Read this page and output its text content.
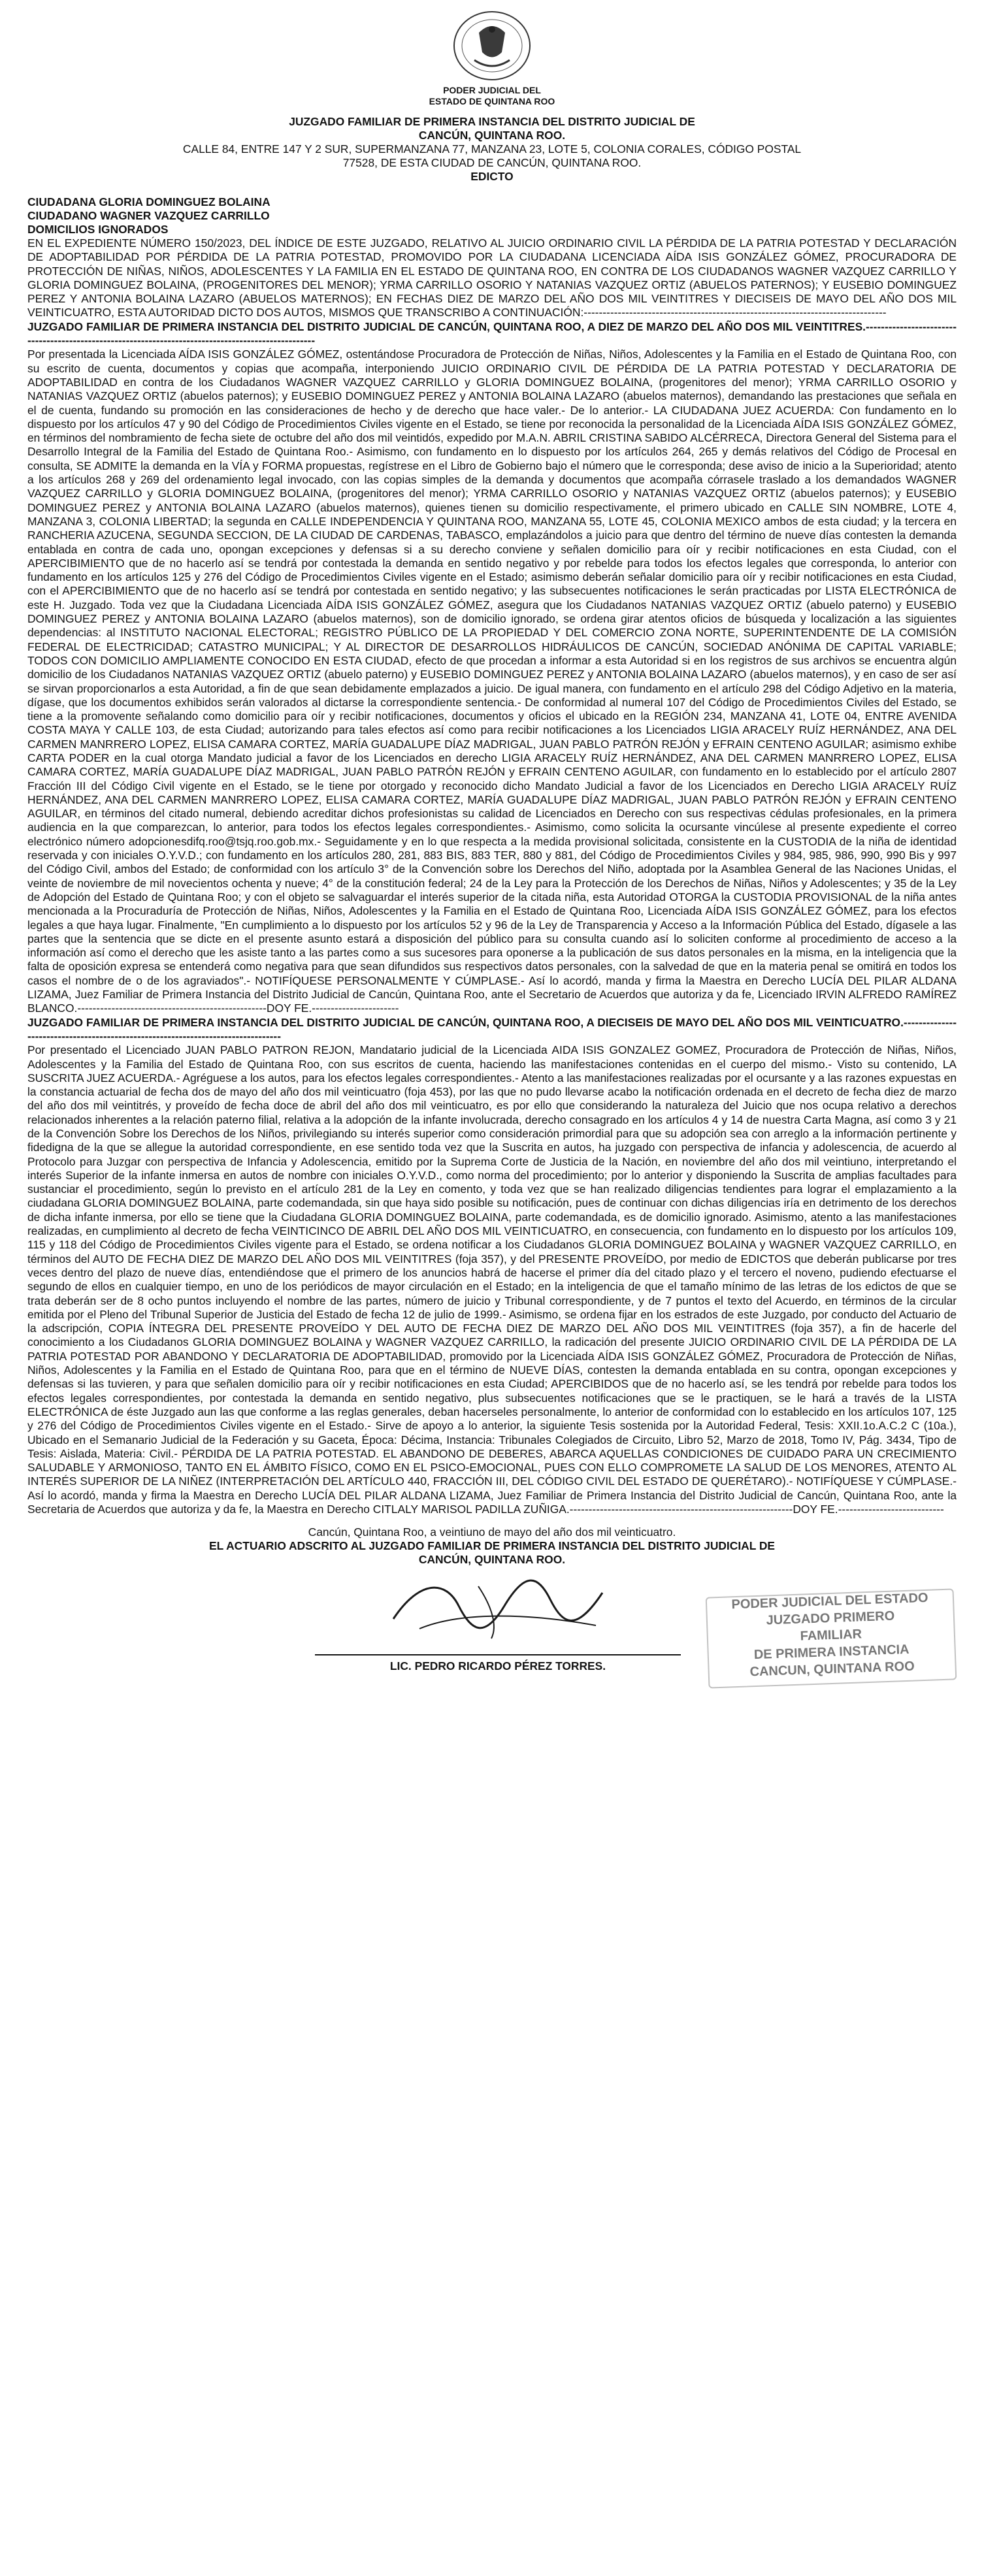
PODER JUDICIAL DEL
ESTADO DE QUINTANA ROO
JUZGADO FAMILIAR DE PRIMERA INSTANCIA DEL DISTRITO JUDICIAL DE
CANCÚN, QUINTANA ROO.
CALLE 84, ENTRE 147 Y 2 SUR, SUPERMANZANA 77, MANZANA 23, LOTE 5, COLONIA CORALES, CÓDIGO POSTAL
77528, DE ESTA CIUDAD DE CANCÚN, QUINTANA ROO.
EDICTO
CIUDADANA GLORIA DOMINGUEZ BOLAINA
CIUDADANO WAGNER VAZQUEZ CARRILLO
DOMICILIOS IGNORADOS

EN EL EXPEDIENTE NÚMERO 150/2023, DEL ÍNDICE DE ESTE JUZGADO, RELATIVO AL JUICIO ORDINARIO CIVIL LA PÉRDIDA DE LA PATRIA POTESTAD Y DECLARACIÓN DE ADOPTABILIDAD POR PÉRDIDA DE LA PATRIA POTESTAD, PROMOVIDO POR LA CIUDADANA LICENCIADA AÍDA ISIS GONZÁLEZ GÓMEZ, PROCURADORA DE PROTECCIÓN DE NIÑAS, NIÑOS, ADOLESCENTES Y LA FAMILIA EN EL ESTADO DE QUINTANA ROO, EN CONTRA DE LOS CIUDADANOS WAGNER VAZQUEZ CARRILLO Y GLORIA DOMINGUEZ BOLAINA, (PROGENITORES DEL MENOR); YRMA CARRILLO OSORIO Y NATANIAS VAZQUEZ ORTIZ (ABUELOS PATERNOS); Y EUSEBIO DOMINGUEZ PEREZ Y ANTONIA BOLAINA LAZARO (ABUELOS MATERNOS); EN FECHAS DIEZ DE MARZO DEL AÑO DOS MIL VEINTITRES Y DIECISEIS DE MAYO DEL AÑO DOS MIL VEINTICUATRO, ESTA AUTORIDAD DICTO DOS AUTOS, MISMOS QUE TRANSCRIBO A CONTINUACIÓN:--------------------------------------------------------------------------------

JUZGADO FAMILIAR DE PRIMERA INSTANCIA DEL DISTRITO JUDICIAL DE CANCÚN, QUINTANA ROO, A DIEZ DE MARZO DEL AÑO DOS MIL VEINTITRES.----------------------------------------------------------------------------------------------------

Por presentada la Licenciada AÍDA ISIS GONZÁLEZ GÓMEZ, ostentándose Procuradora de Protección de Niñas, Niños, Adolescentes y la Familia en el Estado de Quintana Roo, con su escrito de cuenta, documentos y copias que acompaña, interponiendo JUICIO ORDINARIO CIVIL DE PÉRDIDA DE LA PATRIA POTESTAD Y DECLARATORIA DE ADOPTABILIDAD en contra de los Ciudadanos WAGNER VAZQUEZ CARRILLO y GLORIA DOMINGUEZ BOLAINA, (progenitores del menor); YRMA CARRILLO OSORIO y NATANIAS VAZQUEZ ORTIZ (abuelos paternos); y EUSEBIO DOMINGUEZ PEREZ y ANTONIA BOLAINA LAZARO (abuelos maternos), demandando las prestaciones que señala en el de cuenta, fundando su promoción en las consideraciones de hecho y de derecho que hace valer.- De lo anterior.- LA CIUDADANA JUEZ ACUERDA: Con fundamento en lo dispuesto por los artículos 47 y 90 del Código de Procedimientos Civiles vigente en el Estado, se tiene por reconocida la personalidad de la Licenciada AÍDA ISIS GONZÁLEZ GÓMEZ, en términos del nombramiento de fecha siete de octubre del año dos mil veintidós, expedido por M.A.N. ABRIL CRISTINA SABIDO ALCÉRRECA, Directora General del Sistema para el Desarrollo Integral de la Familia del Estado de Quintana Roo.- Asimismo, con fundamento en lo dispuesto por los artículos 264, 265 y demás relativos del Código de Procesal en consulta, SE ADMITE la demanda en la VÍA y FORMA propuestas, regístrese en el Libro de Gobierno bajo el número que le corresponda; dese aviso de inicio a la Superioridad; atento a los artículos 268 y 269 del ordenamiento legal invocado, con las copias simples de la demanda y documentos que acompaña córrasele traslado a los demandados WAGNER VAZQUEZ CARRILLO y GLORIA DOMINGUEZ BOLAINA, (progenitores del menor); YRMA CARRILLO OSORIO y NATANIAS VAZQUEZ ORTIZ (abuelos paternos); y EUSEBIO DOMINGUEZ PEREZ y ANTONIA BOLAINA LAZARO (abuelos maternos), quienes tienen su domicilio respectivamente, el primero ubicado en CALLE SIN NOMBRE, LOTE 4, MANZANA 3, COLONIA LIBERTAD; la segunda en CALLE INDEPENDENCIA Y QUINTANA ROO, MANZANA 55, LOTE 45, COLONIA MEXICO ambos de esta ciudad; y la tercera en RANCHERIA AZUCENA, SEGUNDA SECCION, DE LA CIUDAD DE CARDENAS, TABASCO, emplazándolos a juicio para que dentro del término de nueve días contesten la demanda entablada en contra de cada uno, opongan excepciones y defensas si a su derecho conviene y señalen domicilio para oír y recibir notificaciones en esta Ciudad, con el APERCIBIMIENTO que de no hacerlo así se tendrá por contestada la demanda en sentido negativo y por rebelde para todos los efectos legales que corresponda, lo anterior con fundamento en los artículos 125 y 276 del Código de Procedimientos Civiles vigente en el Estado; asimismo deberán señalar domicilio para oír y recibir notificaciones en esta Ciudad, con el APERCIBIMIENTO que de no hacerlo así se tendrá por contestada en sentido negativo; y las subsecuentes notificaciones le serán practicadas por LISTA ELECTRÓNICA de este H. Juzgado. Toda vez que la Ciudadana Licenciada AÍDA ISIS GONZÁLEZ GÓMEZ, asegura que los Ciudadanos NATANIAS VAZQUEZ ORTIZ (abuelo paterno) y EUSEBIO DOMINGUEZ PEREZ y ANTONIA BOLAINA LAZARO (abuelos maternos), son de domicilio ignorado, se ordena girar atentos oficios de búsqueda y localización a las siguientes dependencias: al INSTITUTO NACIONAL ELECTORAL; REGISTRO PÚBLICO DE LA PROPIEDAD Y DEL COMERCIO ZONA NORTE, SUPERINTENDENTE DE LA COMISIÓN FEDERAL DE ELECTRICIDAD; CATASTRO MUNICIPAL; Y AL DIRECTOR DE DESARROLLOS HIDRÁULICOS DE CANCÚN, SOCIEDAD ANÓNIMA DE CAPITAL VARIABLE; TODOS CON DOMICILIO AMPLIAMENTE CONOCIDO EN ESTA CIUDAD, efecto de que procedan a informar a esta Autoridad si en los registros de sus archivos se encuentra algún domicilio de los Ciudadanos NATANIAS VAZQUEZ ORTIZ (abuelo paterno) y EUSEBIO DOMINGUEZ PEREZ y ANTONIA BOLAINA LAZARO (abuelos maternos), y en caso de ser así se sirvan proporcionarlos a esta Autoridad, a fin de que sean debidamente emplazados a juicio. De igual manera, con fundamento en el artículo 298 del Código Adjetivo en la materia, dígase, que los documentos exhibidos serán valorados al dictarse la correspondiente sentencia.- De conformidad al numeral 107 del Código de Procedimientos Civiles del Estado, se tiene a la promovente señalando como domicilio para oír y recibir notificaciones, documentos y oficios el ubicado en la REGIÓN 234, MANZANA 41, LOTE 04, ENTRE AVENIDA COSTA MAYA Y CALLE 103, de esta Ciudad; autorizando para tales efectos así como para recibir notificaciones a los Licenciados LIGIA ARACELY RUÍZ HERNÁNDEZ, ANA DEL CARMEN MANRRERO LOPEZ, ELISA CAMARA CORTEZ, MARÍA GUADALUPE DÍAZ MADRIGAL, JUAN PABLO PATRÓN REJÓN y EFRAIN CENTENO AGUILAR; asimismo exhibe CARTA PODER en la cual otorga Mandato judicial a favor de los Licenciados en derecho LIGIA ARACELY RUÍZ HERNÁNDEZ, ANA DEL CARMEN MANRRERO LOPEZ, ELISA CAMARA CORTEZ, MARÍA GUADALUPE DÍAZ MADRIGAL, JUAN PABLO PATRÓN REJÓN y EFRAIN CENTENO AGUILAR, con fundamento en lo establecido por el artículo 2807 Fracción III del Código Civil vigente en el Estado, se le tiene por otorgado y reconocido dicho Mandato Judicial a favor de los Licenciados en Derecho LIGIA ARACELY RUÍZ HERNÁNDEZ, ANA DEL CARMEN MANRRERO LOPEZ, ELISA CAMARA CORTEZ, MARÍA GUADALUPE DÍAZ MADRIGAL, JUAN PABLO PATRÓN REJÓN y EFRAIN CENTENO AGUILAR, en términos del citado numeral, debiendo acreditar dichos profesionistas su calidad de Licenciados en Derecho con sus respectivas cédulas profesionales, en la primera audiencia en la que comparezcan, lo anterior, para todos los efectos legales correspondientes.- Asimismo, como solicita la ocursante vincúlese al presente expediente el correo electrónico número adopcionesdifq.roo@tsjq.roo.gob.mx.- Seguidamente y en lo que respecta a la medida provisional solicitada, consistente en la CUSTODIA de la niña de identidad reservada y con iniciales O.Y.V.D.; con fundamento en los artículos 280, 281, 883 BIS, 883 TER, 880 y 881, del Código de Procedimientos Civiles y 984, 985, 986, 990, 990 Bis y 997 del Código Civil, ambos del Estado; de conformidad con los artículo 3° de la Convención sobre los Derechos del Niño, adoptada por la Asamblea General de las Naciones Unidas, el veinte de noviembre de mil novecientos ochenta y nueve; 4° de la constitución federal; 24 de la Ley para la Protección de los Derechos de Niñas, Niños y Adolescentes; y 35 de la Ley de Adopción del Estado de Quintana Roo; y con el objeto se salvaguardar el interés superior de la citada niña, esta Autoridad OTORGA la CUSTODIA PROVISIONAL de la niña antes mencionada a la Procuraduría de Protección de Niñas, Niños, Adolescentes y la Familia en el Estado de Quintana Roo, Licenciada AÍDA ISIS GONZÁLEZ GÓMEZ, para los efectos legales a que haya lugar. Finalmente, "En cumplimiento a lo dispuesto por los artículos 52 y 96 de la Ley de Transparencia y Acceso a la Información Pública del Estado, dígasele a las partes que la sentencia que se dicte en el presente asunto estará a disposición del público para su consulta cuando así lo soliciten conforme al procedimiento de acceso a la información así como el derecho que les asiste tanto a las partes como a sus sucesores para oponerse a la publicación de sus datos personales en la misma, en la inteligencia que la falta de oposición expresa se entenderá como negativa para que sean difundidos sus respectivos datos personales, con la salvedad de que en la materia penal se omitirá en todos los casos el nombre de o de los agraviados".- NOTIFÍQUESE PERSONALMENTE Y CÚMPLASE.- Así lo acordó, manda y firma la Maestra en Derecho LUCÍA DEL PILAR ALDANA LIZAMA, Juez Familiar de Primera Instancia del Distrito Judicial de Cancún, Quintana Roo, ante el Secretario de Acuerdos que autoriza y da fe, Licenciado IRVIN ALFREDO RAMÍREZ BLANCO.--------------------------------------------------DOY FE.-----------------------

JUZGADO FAMILIAR DE PRIMERA INSTANCIA DEL DISTRITO JUDICIAL DE CANCÚN, QUINTANA ROO, A DIECISEIS DE MAYO DEL AÑO DOS MIL VEINTICUATRO.---------------------------------------------------------------------------------

Por presentado el Licenciado JUAN PABLO PATRON REJON, Mandatario judicial de la Licenciada AIDA ISIS GONZALEZ GOMEZ, Procuradora de Protección de Niñas, Niños, Adolescentes y la Familia del Estado de Quintana Roo, con sus escritos de cuenta, haciendo las manifestaciones contenidas en el cuerpo del mismo.- Visto su contenido, LA SUSCRITA JUEZ ACUERDA.- Agréguese a los autos, para los efectos legales correspondientes.- Atento a las manifestaciones realizadas por el ocursante y a las razones expuestas en la constancia actuarial de fecha dos de mayo del año dos mil veinticuatro (foja 453), por las que no pudo llevarse acabo la notificación ordenada en el decreto de fecha diez de marzo del año dos mil veintitrés, y proveído de fecha doce de abril del año dos mil veinticuatro, es por ello que considerando la naturaleza del Juicio que nos ocupa relativo a derechos relacionados inherentes a la relación paterno filial, relativa a la adopción de la infante involucrada, derecho consagrado en los artículos 4 y 14 de nuestra Carta Magna, así como 3 y 21 de la Convención Sobre los Derechos de los Niños, privilegiando su interés superior como consideración primordial para que su adopción sea con arreglo a la información pertinente y fidedigna de la que se allegue la autoridad correspondiente, en ese sentido toda vez que la Suscrita en autos, ha juzgado con perspectiva de infancia y adolescencia, de acuerdo al Protocolo para Juzgar con perspectiva de Infancia y Adolescencia, emitido por la Suprema Corte de Justicia de la Nación, en noviembre del año dos mil veintiuno, interpretando el interés Superior de la infante inmersa en autos de nombre con iniciales O.Y.V.D., como norma del procedimiento; por lo anterior y disponiendo la Suscrita de amplias facultades para sustanciar el procedimiento, según lo previsto en el artículo 281 de la Ley en comento, y toda vez que se han realizado diligencias tendientes para lograr el emplazamiento a la ciudadana GLORIA DOMINGUEZ BOLAINA, parte codemandada, sin que haya sido posible su notificación, pues de continuar con dichas diligencias iría en detrimento de los derechos de dicha infante inmersa, por ello se tiene que la Ciudadana GLORIA DOMINGUEZ BOLAINA, parte codemandada, es de domicilio ignorado. Asimismo, atento a las manifestaciones realizadas, en cumplimiento al decreto de fecha VEINTICINCO DE ABRIL DEL AÑO DOS MIL VEINTICUATRO, en consecuencia, con fundamento en lo dispuesto por los artículos 109, 115 y 118 del Código de Procedimientos Civiles vigente para el Estado, se ordena notificar a los Ciudadanos GLORIA DOMINGUEZ BOLAINA y WAGNER VAZQUEZ CARRILLO, en términos del AUTO DE FECHA DIEZ DE MARZO DEL AÑO DOS MIL VEINTITRES (foja 357), y del PRESENTE PROVEÍDO, por medio de EDICTOS que deberán publicarse por tres veces dentro del plazo de nueve días, entendiéndose que el primero de los anuncios habrá de hacerse el primer día del citado plazo y el tercero el noveno, pudiendo efectuarse el segundo de ellos en cualquier tiempo, en uno de los periódicos de mayor circulación en el Estado; en la inteligencia de que el tamaño mínimo de las letras de los edictos de que se trata deberán ser de 8 ocho puntos incluyendo el nombre de las partes, número de juicio y Tribunal correspondiente, y de 7 puntos el texto del Acuerdo, en términos de la circular emitida por el Pleno del Tribunal Superior de Justicia del Estado de fecha 12 de julio de 1999.- Asimismo, se ordena fijar en los estrados de este Juzgado, por conducto del Actuario de la adscripción, COPIA ÍNTEGRA DEL PRESENTE PROVEÍDO Y DEL AUTO DE FECHA DIEZ DE MARZO DEL AÑO DOS MIL VEINTITRES (foja 357), a fin de hacerle del conocimiento a los Ciudadanos GLORIA DOMINGUEZ BOLAINA y WAGNER VAZQUEZ CARRILLO, la radicación del presente JUICIO ORDINARIO CIVIL DE LA PÉRDIDA DE LA PATRIA POTESTAD POR ABANDONO Y DECLARATORIA DE ADOPTABILIDAD, promovido por la Licenciada AÍDA ISIS GONZÁLEZ GÓMEZ, Procuradora de Protección de Niñas, Niños, Adolescentes y la Familia en el Estado de Quintana Roo, para que en el término de NUEVE DÍAS, contesten la demanda entablada en su contra, opongan excepciones y defensas si las tuvieren, y para que señalen domicilio para oír y recibir notificaciones en esta Ciudad; APERCIBIDOS que de no hacerlo así, se les tendrá por rebelde para todos los efectos legales correspondientes, por contestada la demanda en sentido negativo, plus subsecuentes notificaciones que se le practiquen, se le hará a través de la LISTA ELECTRÓNICA de éste Juzgado aun las que conforme a las reglas generales, deban hacerseles personalmente, lo anterior de conformidad con lo establecido en los artículos 107, 125 y 276 del Código de Procedimientos Civiles vigente en el Estado.- Sirve de apoyo a lo anterior, la siguiente Tesis sostenida por la Autoridad Federal, Tesis: XXII.1o.A.C.2 C (10a.), Ubicado en el Semanario Judicial de la Federación y su Gaceta, Época: Décima, Instancia: Tribunales Colegiados de Circuito, Libro 52, Marzo de 2018, Tomo IV, Pág. 3434, Tipo de Tesis: Aislada, Materia: Civil.- PÉRDIDA DE LA PATRIA POTESTAD. EL ABANDONO DE DEBERES, ABARCA AQUELLAS CONDICIONES DE CUIDADO PARA UN CRECIMIENTO SALUDABLE Y ARMONIOSO, TANTO EN EL ÁMBITO FÍSICO, COMO EN EL PSICO-EMOCIONAL, PUES CON ELLO COMPROMETE LA SALUD DE LOS MENORES, ATENTO AL INTERÉS SUPERIOR DE LA NIÑEZ (INTERPRETACIÓN DEL ARTÍCULO 440, FRACCIÓN III, DEL CÓDIGO CIVIL DEL ESTADO DE QUERÉTARO).- NOTIFÍQUESE Y CÚMPLASE.- Así lo acordó, manda y firma la Maestra en Derecho LUCÍA DEL PILAR ALDANA LIZAMA, Juez Familiar de Primera Instancia del Distrito Judicial de Cancún, Quintana Roo, ante la Secretaria de Acuerdos que autoriza y da fe, la Maestra en Derecho CITLALY MARISOL PADILLA ZUÑIGA.-----------------------------------------------------------DOY FE.----------------------------

Cancún, Quintana Roo, a veintiuno de mayo del año dos mil veinticuatro.
EL ACTUARIO ADSCRITO AL JUZGADO FAMILIAR DE PRIMERA INSTANCIA DEL DISTRITO JUDICIAL DE
CANCÚN, QUINTANA ROO.
LIC. PEDRO RICARDO PÉREZ TORRES.
PODER JUDICIAL DEL ESTADO
JUZGADO PRIMERO
FAMILIAR
DE PRIMERA INSTANCIA
CANCUN, QUINTANA ROO
